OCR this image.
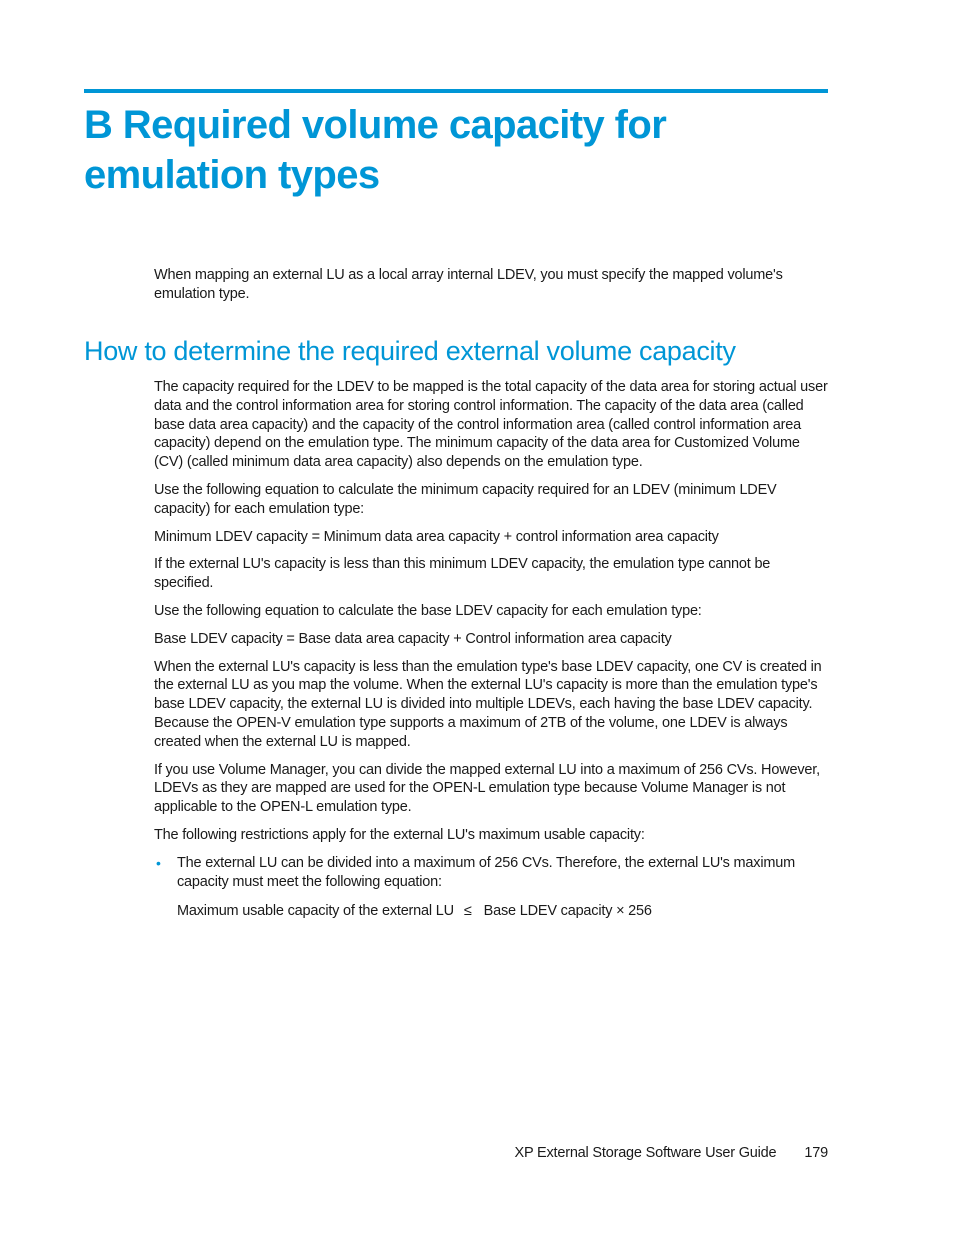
B Required volume capacity for emulation types

When mapping an external LU as a local array internal LDEV, you must specify the mapped volume's emulation type.

How to determine the required external volume capacity

The capacity required for the LDEV to be mapped is the total capacity of the data area for storing actual user data and the control information area for storing control information. The capacity of the data area (called base data area capacity) and the capacity of the control information area (called control information area capacity) depend on the emulation type. The minimum capacity of the data area for Customized Volume (CV) (called minimum data area capacity) also depends on the emulation type.

Use the following equation to calculate the minimum capacity required for an LDEV (minimum LDEV capacity) for each emulation type:

Minimum LDEV capacity = Minimum data area capacity + control information area capacity

If the external LU's capacity is less than this minimum LDEV capacity, the emulation type cannot be specified.

Use the following equation to calculate the base LDEV capacity for each emulation type:

Base LDEV capacity = Base data area capacity + Control information area capacity

When the external LU's capacity is less than the emulation type's base LDEV capacity, one CV is created in the external LU as you map the volume. When the external LU's capacity is more than the emulation type's base LDEV capacity, the external LU is divided into multiple LDEVs, each having the base LDEV capacity. Because the OPEN-V emulation type supports a maximum of 2TB of the volume, one LDEV is always created when the external LU is mapped.

If you use Volume Manager, you can divide the mapped external LU into a maximum of 256 CVs. However, LDEVs as they are mapped are used for the OPEN-L emulation type because Volume Manager is not applicable to the OPEN-L emulation type.

The following restrictions apply for the external LU's maximum usable capacity:

• The external LU can be divided into a maximum of 256 CVs. Therefore, the external LU's maximum capacity must meet the following equation:
Maximum usable capacity of the external LU ≤ Base LDEV capacity × 256
XP External Storage Software User Guide 179
